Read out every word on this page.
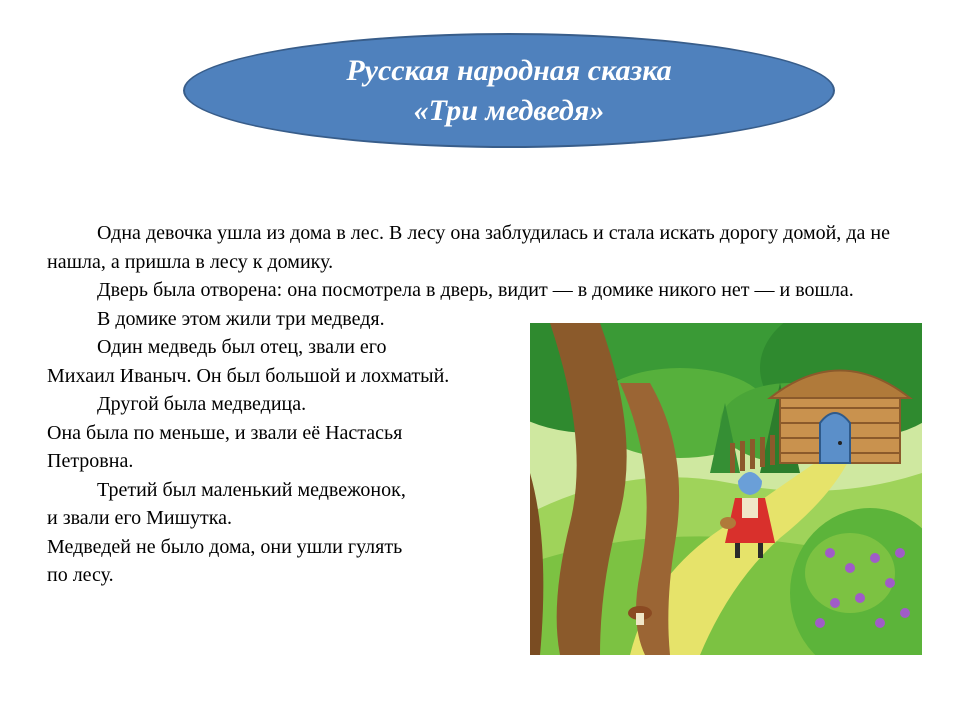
Русская народная сказка
«Три медведя»

Одна девочка ушла из дома в лес. В лесу она заблудилась и стала искать дорогу домой, да не нашла, а пришла в лесу к домику.

Дверь была отворена: она посмотрела в дверь, видит — в домике никого нет — и вошла.

В домике этом жили три медведя.

Один медведь был отец, звали его
Михаил Иваныч. Он был большой и лохматый.
Другой была медведица.
Она была по меньше, и звали её Настасья
Петровна.
Третий был маленький медвежонок,
и звали его Мишутка.
Медведей не было дома, они ушли гулять
по лесу.
